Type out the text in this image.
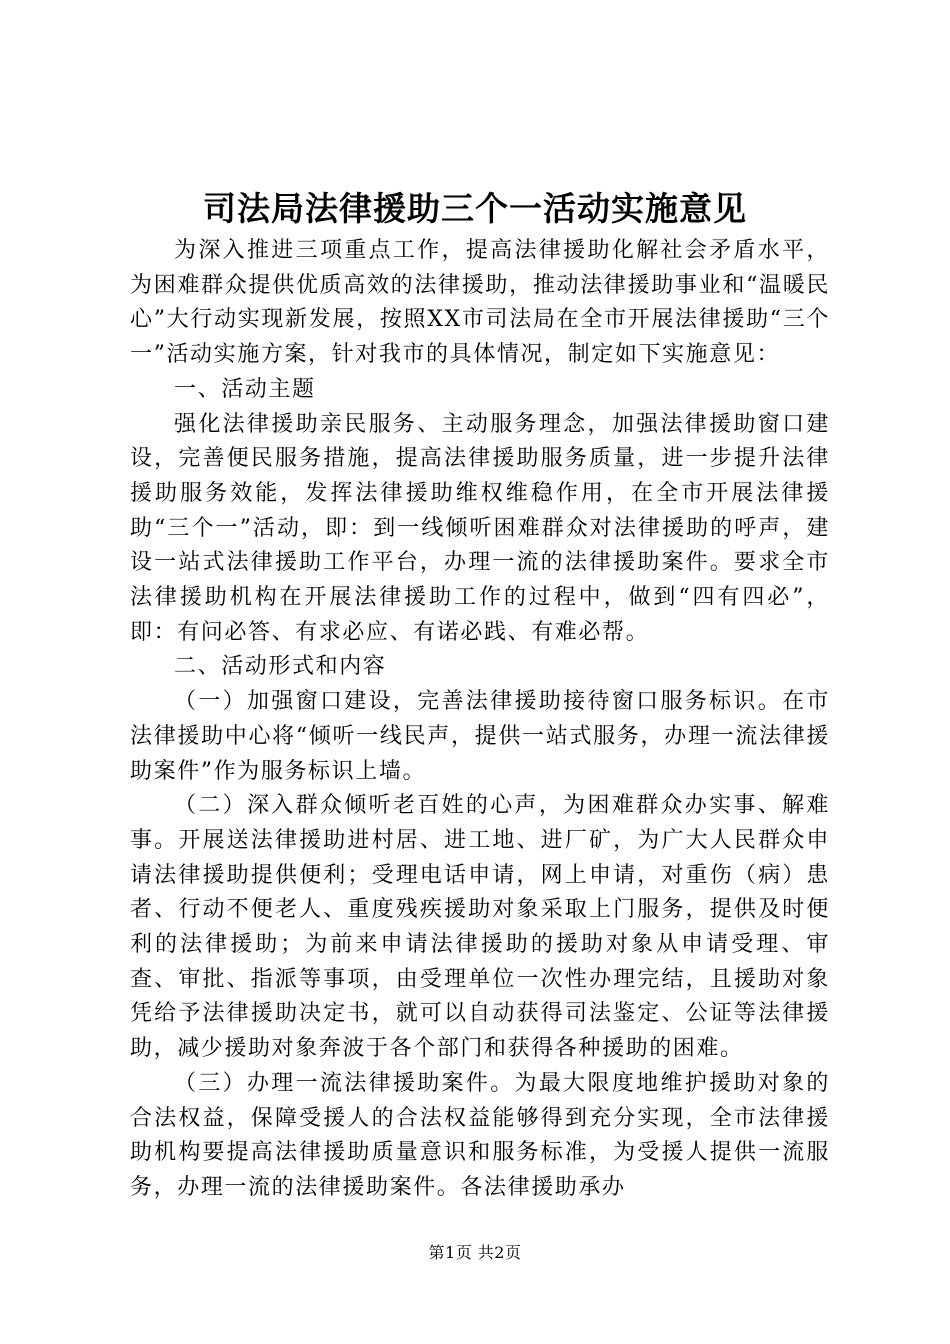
司法局法律援助三个一活动实施意见

为深入推进三项重点工作，提高法律援助化解社会矛盾水平，为困难群众提供优质高效的法律援助，推动法律援助事业和“温暖民心”大行动实现新发展，按照XX市司法局在全市开展法律援助“三个一”活动实施方案，针对我市的具体情况，制定如下实施意见：

一、活动主题

强化法律援助亲民服务、主动服务理念，加强法律援助窗口建设，完善便民服务措施，提高法律援助服务质量，进一步提升法律援助服务效能，发挥法律援助维权维稳作用，在全市开展法律援助“三个一”活动，即：到一线倾听困难群众对法律援助的呼声，建设一站式法律援助工作平台，办理一流的法律援助案件。要求全市法律援助机构在开展法律援助工作的过程中，做到“四有四必”，即：有问必答、有求必应、有诺必践、有难必帮。

二、活动形式和内容

（一）加强窗口建设，完善法律援助接待窗口服务标识。在市法律援助中心将“倾听一线民声，提供一站式服务，办理一流法律援助案件”作为服务标识上墙。

（二）深入群众倾听老百姓的心声，为困难群众办实事、解难事。开展送法律援助进村居、进工地、进厂矿，为广大人民群众申请法律援助提供便利；受理电话申请，网上申请，对重伤（病）患者、行动不便老人、重度残疾援助对象采取上门服务，提供及时便利的法律援助；为前来申请法律援助的援助对象从申请受理、审查、审批、指派等事项，由受理单位一次性办理完结，且援助对象凭给予法律援助决定书，就可以自动获得司法鉴定、公证等法律援助，减少援助对象奔波于各个部门和获得各种援助的困难。

（三）办理一流法律援助案件。为最大限度地维护援助对象的合法权益，保障受援人的合法权益能够得到充分实现，全市法律援助机构要提高法律援助质量意识和服务标准，为受援人提供一流服务，办理一流的法律援助案件。各法律援助承办

第1页 共2页
